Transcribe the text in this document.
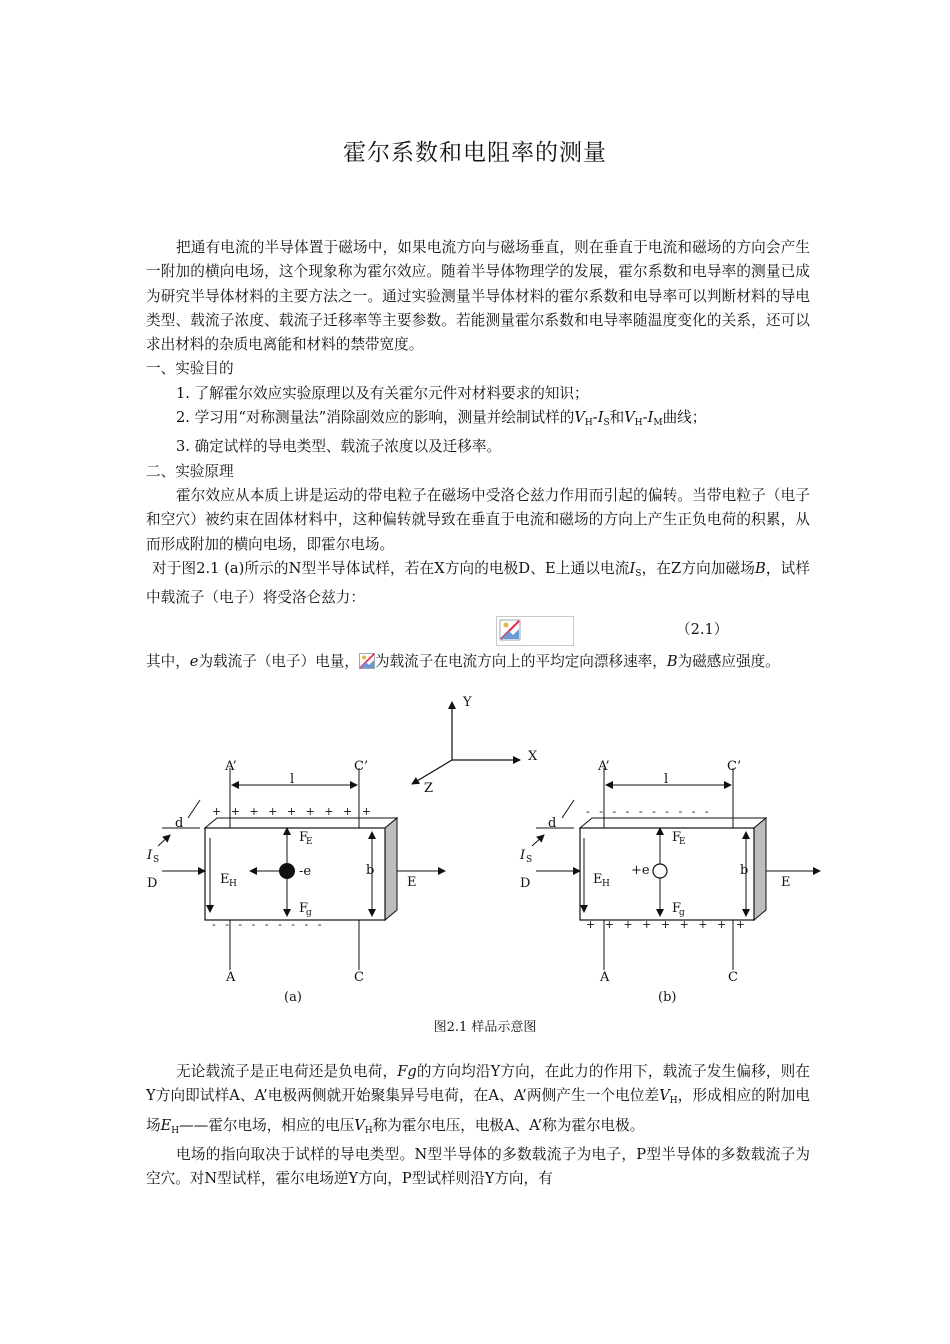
霍尔系数和电阻率的测量

把通有电流的半导体置于磁场中，如果电流方向与磁场垂直，则在垂直于电流和磁场的方向会产生一附加的横向电场，这个现象称为霍尔效应。随着半导体物理学的发展，霍尔系数和电导率的测量已成为研究半导体材料的主要方法之一。通过实验测量半导体材料的霍尔系数和电导率可以判断材料的导电类型、载流子浓度、载流子迁移率等主要参数。若能测量霍尔系数和电导率随温度变化的关系，还可以求出材料的杂质电离能和材料的禁带宽度。

一、实验目的

1. 了解霍尔效应实验原理以及有关霍尔元件对材料要求的知识；

2. 学习用“对称测量法”消除副效应的影响，测量并绘制试样的$V_H-I_S$和$V_H-I_M$曲线；

3. 确定试样的导电类型、载流子浓度以及迁移率。

二、实验原理

霍尔效应从本质上讲是运动的带电粒子在磁场中受洛仑兹力作用而引起的偏转。当带电粒子（电子和空穴）被约束在固体材料中，这种偏转就导致在垂直于电流和磁场的方向上产生正负电荷的积累，从而形成附加的横向电场，即霍尔电场。

对于图2.1 (a)所示的N型半导体试样，若在X方向的电极D、E上通以电流$I_S$，在Z方向加磁场B，试样中载流子（电子）将受洛仑兹力：

（2.1）

其中，e为载流子（电子）电量， 为载流子在电流方向上的平均定向漂移速率，B为磁感应强度。

Y
X
Z
A’	C’
A	C
l
+ + + + + + + + +
- - - - - - - - -
d
I S
D	E
b
E H
-e
F
E
F
g
(a)
A’	C’
A	C
l
- - - - - - - - - -
+ + + + + + + + +
d
I S
D	E
b
E H
+e
F
E
F
g
(b)
图2.1 样品示意图

无论载流子是正电荷还是负电荷，Fg的方向均沿Y方向，在此力的作用下，载流子发生偏移，则在Y方向即试样A、A’电极两侧就开始聚集异号电荷，在A、A’两侧产生一个电位差$V_H$，形成相应的附加电场$E_H——$霍尔电场，相应的电压$V_H$称为霍尔电压，电极A、A’称为霍尔电极。

电场的指向取决于试样的导电类型。N型半导体的多数载流子为电子，P型半导体的多数载流子为空穴。对N型试样，霍尔电场逆Y方向，P型试样则沿Y方向，有
